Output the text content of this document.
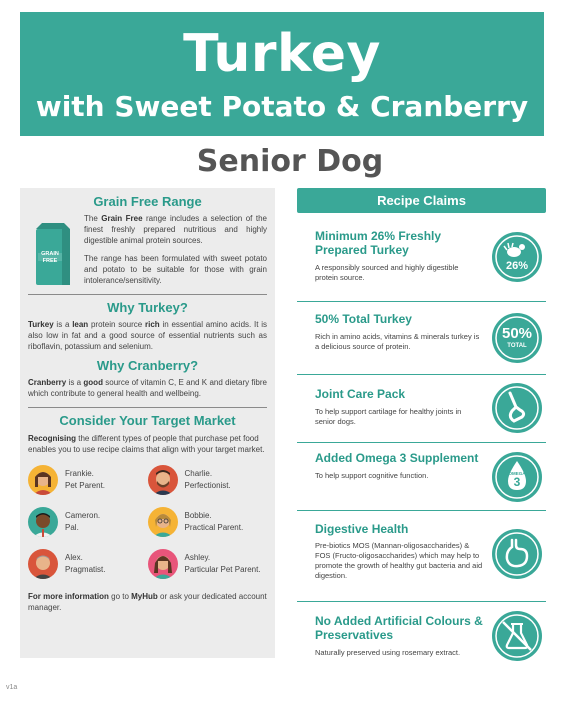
Turkey
with Sweet Potato & Cranberry
Senior Dog
Grain Free Range
GRAIN FREE

The Grain Free range includes a selection of the finest freshly prepared nutritious and highly digestible animal protein sources.

The range has been formulated with sweet potato and potato to be suitable for those with grain intolerance/sensitivity.

Why Turkey?

Turkey is a lean protein source rich in essential amino acids. It is also low in fat and a good source of essential nutrients such as riboflavin, potassium and selenium.

Why Cranberry?

Cranberry is a good source of vitamin C, E and K and dietary fibre which contribute to general health and wellbeing.

Consider Your Target Market

Recognising the different types of people that purchase pet food enables you to use recipe claims that align with your target market.

Frankie.
Pet Parent.
Charlie.
Perfectionist.
Cameron.
Pal.
Bobbie.
Practical Parent.
Alex.
Pragmatist.
Ashley.
Particular Pet Parent.

For more information go to MyHub or ask your dedicated account manager.

Recipe Claims
Minimum 26% Freshly Prepared Turkey

A responsibly sourced and highly digestible protein source.

26%
50% Total Turkey

Rich in amino acids, vitamins & minerals turkey is a delicious source of protein.

50%
TOTAL
Joint Care Pack

To help support cartilage for healthy joints in senior dogs.

Added Omega 3 Supplement

To help support cognitive function.	OMEGA
3
Digestive Health

Pre-biotics MOS (Mannan-oligosaccharides) & FOS (Fructo-oligosaccharides) which may help to promote the growth of healthy gut bacteria and aid digestion.

No Added Artificial Colours & Preservatives

Naturally preserved using rosemary extract.

v1a
